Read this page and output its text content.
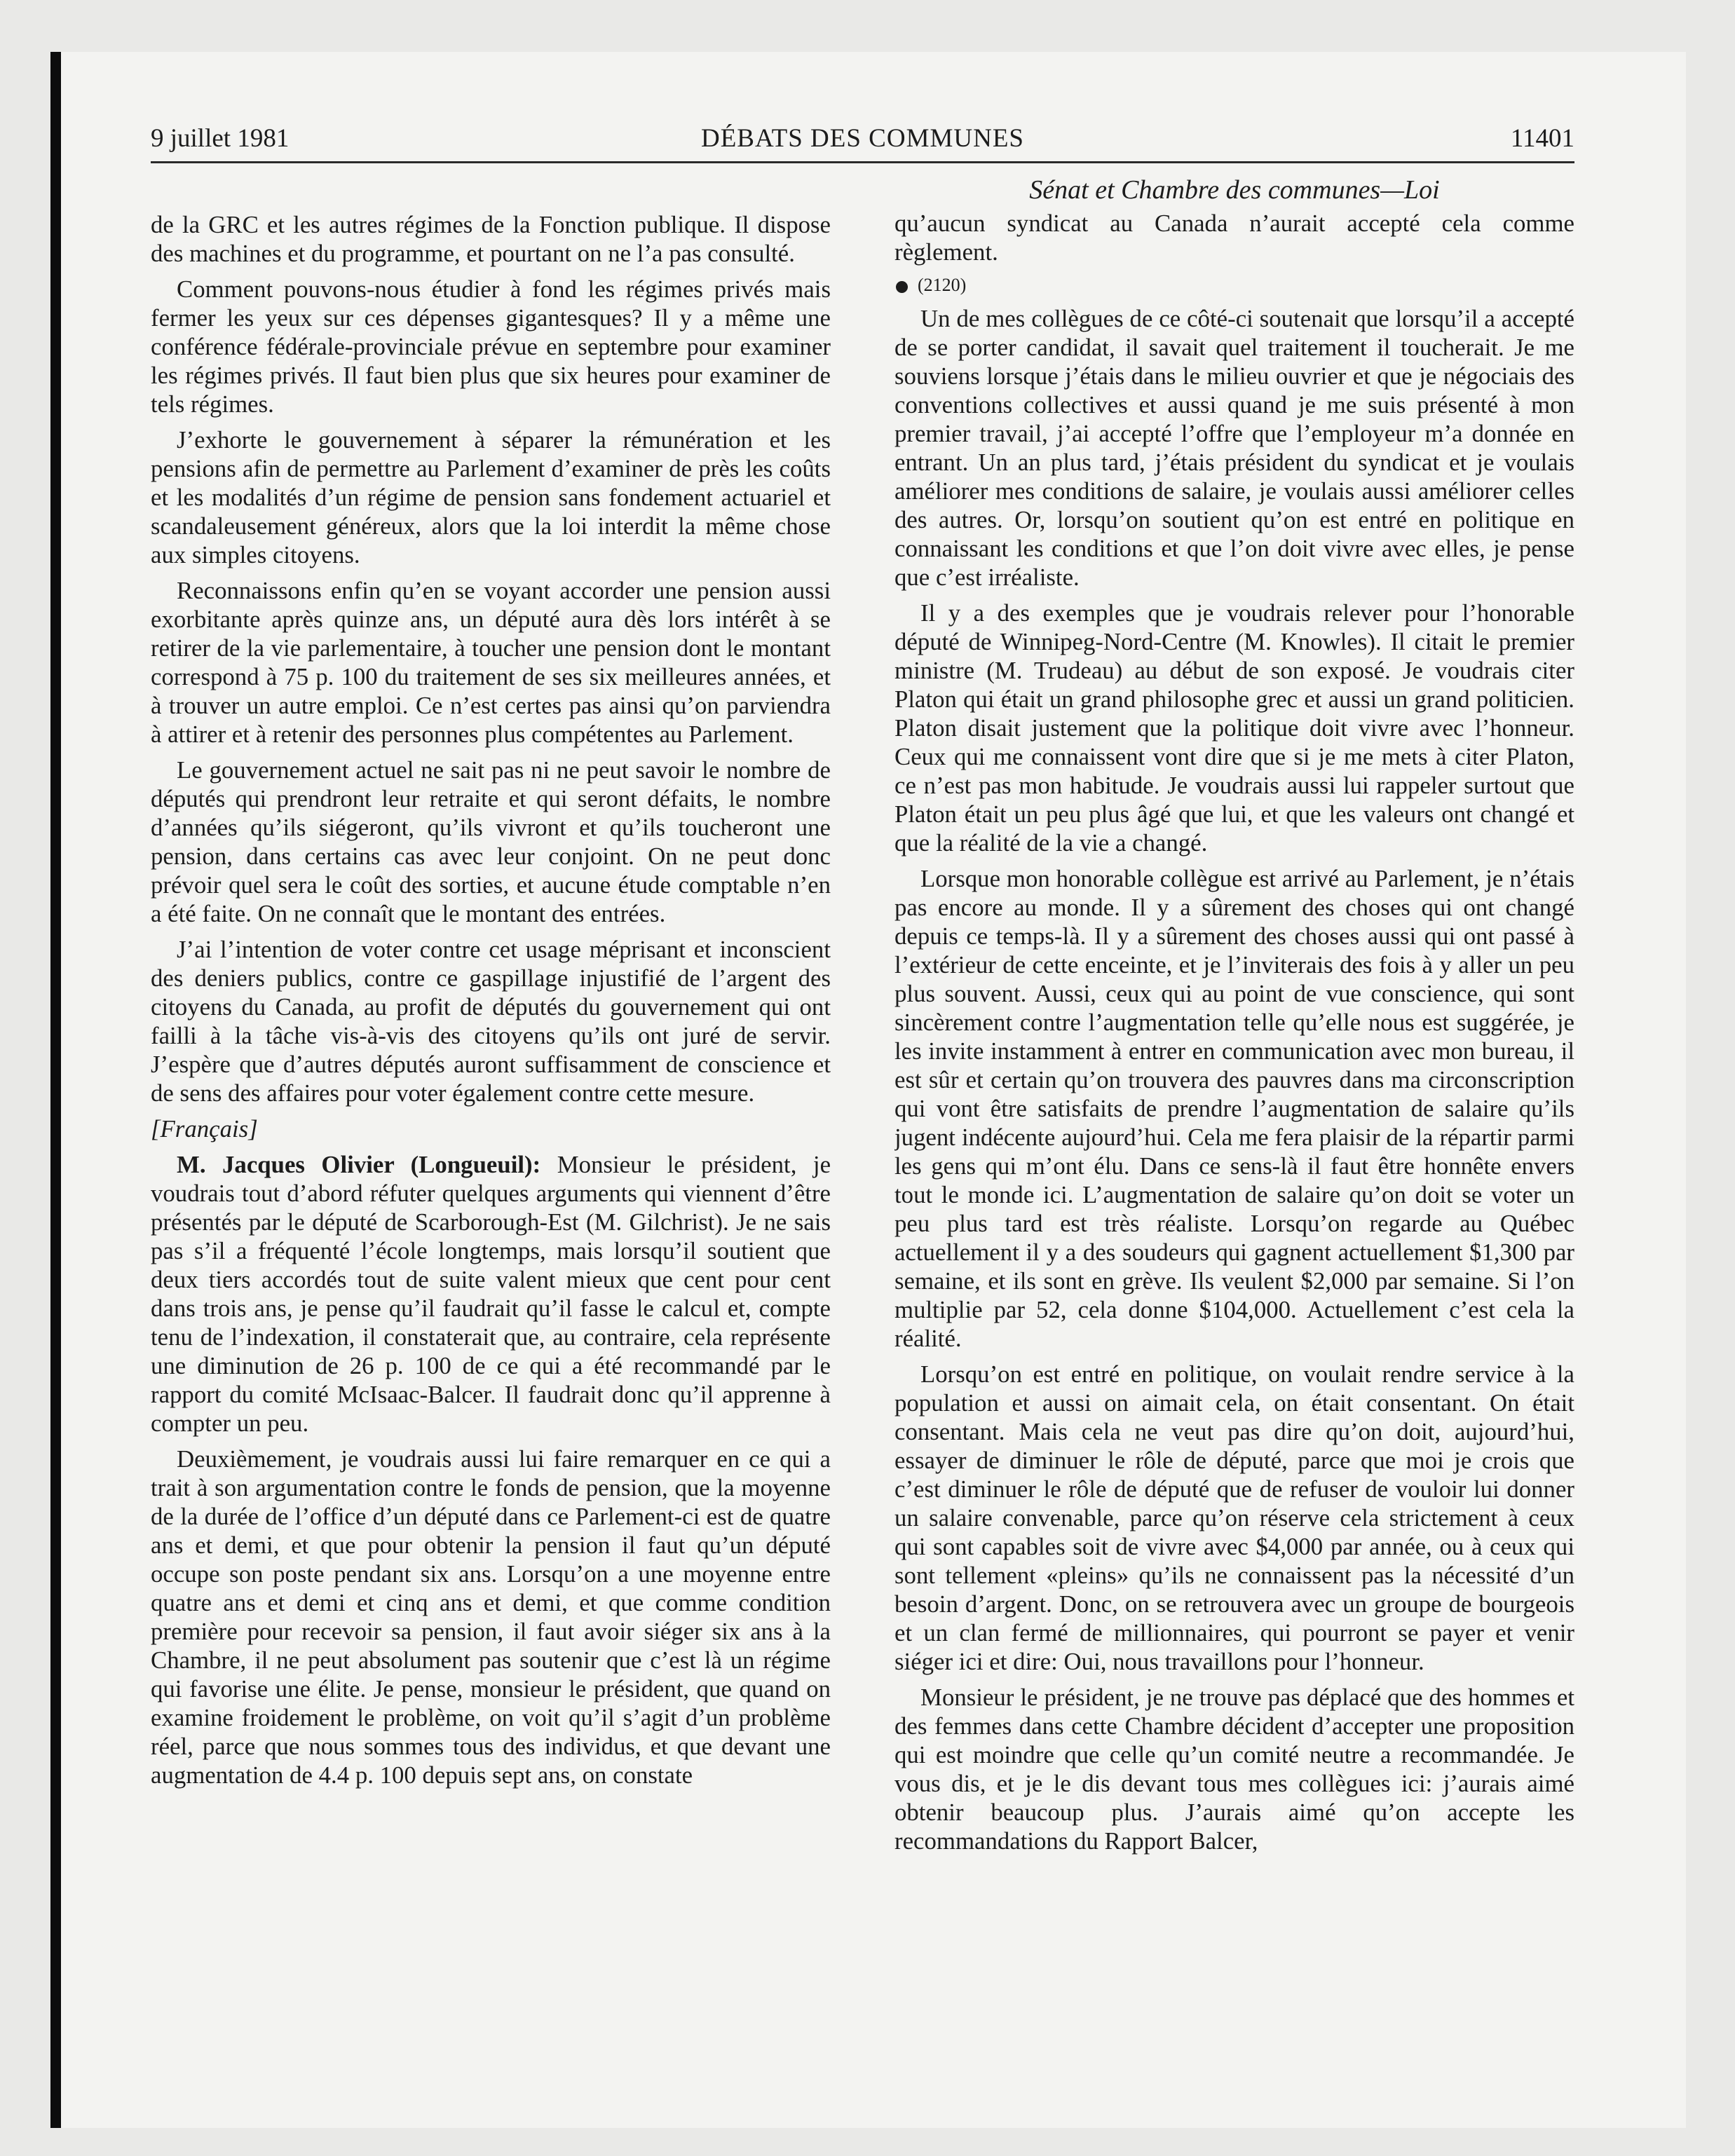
9 juillet 1981	DÉBATS DES COMMUNES	11401
Sénat et Chambre des communes—Loi

de la GRC et les autres régimes de la Fonction publique. Il dispose des machines et du programme, et pourtant on ne l’a pas consulté.

Comment pouvons-nous étudier à fond les régimes privés mais fermer les yeux sur ces dépenses gigantesques? Il y a même une conférence fédérale-provinciale prévue en septembre pour examiner les régimes privés. Il faut bien plus que six heures pour examiner de tels régimes.

J’exhorte le gouvernement à séparer la rémunération et les pensions afin de permettre au Parlement d’examiner de près les coûts et les modalités d’un régime de pension sans fondement actuariel et scandaleusement généreux, alors que la loi interdit la même chose aux simples citoyens.

Reconnaissons enfin qu’en se voyant accorder une pension aussi exorbitante après quinze ans, un député aura dès lors intérêt à se retirer de la vie parlementaire, à toucher une pension dont le montant correspond à 75 p. 100 du traitement de ses six meilleures années, et à trouver un autre emploi. Ce n’est certes pas ainsi qu’on parviendra à attirer et à retenir des personnes plus compétentes au Parlement.

Le gouvernement actuel ne sait pas ni ne peut savoir le nombre de députés qui prendront leur retraite et qui seront défaits, le nombre d’années qu’ils siégeront, qu’ils vivront et qu’ils toucheront une pension, dans certains cas avec leur conjoint. On ne peut donc prévoir quel sera le coût des sorties, et aucune étude comptable n’en a été faite. On ne connaît que le montant des entrées.

J’ai l’intention de voter contre cet usage méprisant et inconscient des deniers publics, contre ce gaspillage injustifié de l’argent des citoyens du Canada, au profit de députés du gouvernement qui ont failli à la tâche vis-à-vis des citoyens qu’ils ont juré de servir. J’espère que d’autres députés auront suffisamment de conscience et de sens des affaires pour voter également contre cette mesure.

[Français]

M. Jacques Olivier (Longueuil): Monsieur le président, je voudrais tout d’abord réfuter quelques arguments qui viennent d’être présentés par le député de Scarborough-Est (M. Gilchrist). Je ne sais pas s’il a fréquenté l’école longtemps, mais lorsqu’il soutient que deux tiers accordés tout de suite valent mieux que cent pour cent dans trois ans, je pense qu’il faudrait qu’il fasse le calcul et, compte tenu de l’indexation, il constaterait que, au contraire, cela représente une diminution de 26 p. 100 de ce qui a été recommandé par le rapport du comité McIsaac-Balcer. Il faudrait donc qu’il apprenne à compter un peu.

Deuxièmement, je voudrais aussi lui faire remarquer en ce qui a trait à son argumentation contre le fonds de pension, que la moyenne de la durée de l’office d’un député dans ce Parlement-ci est de quatre ans et demi, et que pour obtenir la pension il faut qu’un député occupe son poste pendant six ans. Lorsqu’on a une moyenne entre quatre ans et demi et cinq ans et demi, et que comme condition première pour recevoir sa pension, il faut avoir siéger six ans à la Chambre, il ne peut absolument pas soutenir que c’est là un régime qui favorise une élite. Je pense, monsieur le président, que quand on examine froidement le problème, on voit qu’il s’agit d’un problème réel, parce que nous sommes tous des individus, et que devant une augmentation de 4.4 p. 100 depuis sept ans, on constate

qu’aucun syndicat au Canada n’aurait accepté cela comme règlement.

(2120)

Un de mes collègues de ce côté-ci soutenait que lorsqu’il a accepté de se porter candidat, il savait quel traitement il toucherait. Je me souviens lorsque j’étais dans le milieu ouvrier et que je négociais des conventions collectives et aussi quand je me suis présenté à mon premier travail, j’ai accepté l’offre que l’employeur m’a donnée en entrant. Un an plus tard, j’étais président du syndicat et je voulais améliorer mes conditions de salaire, je voulais aussi améliorer celles des autres. Or, lorsqu’on soutient qu’on est entré en politique en connaissant les conditions et que l’on doit vivre avec elles, je pense que c’est irréaliste.

Il y a des exemples que je voudrais relever pour l’honorable député de Winnipeg-Nord-Centre (M. Knowles). Il citait le premier ministre (M. Trudeau) au début de son exposé. Je voudrais citer Platon qui était un grand philosophe grec et aussi un grand politicien. Platon disait justement que la politique doit vivre avec l’honneur. Ceux qui me connaissent vont dire que si je me mets à citer Platon, ce n’est pas mon habitude. Je voudrais aussi lui rappeler surtout que Platon était un peu plus âgé que lui, et que les valeurs ont changé et que la réalité de la vie a changé.

Lorsque mon honorable collègue est arrivé au Parlement, je n’étais pas encore au monde. Il y a sûrement des choses qui ont changé depuis ce temps-là. Il y a sûrement des choses aussi qui ont passé à l’extérieur de cette enceinte, et je l’inviterais des fois à y aller un peu plus souvent. Aussi, ceux qui au point de vue conscience, qui sont sincèrement contre l’augmentation telle qu’elle nous est suggérée, je les invite instamment à entrer en communication avec mon bureau, il est sûr et certain qu’on trouvera des pauvres dans ma circonscription qui vont être satisfaits de prendre l’augmentation de salaire qu’ils jugent indécente aujourd’hui. Cela me fera plaisir de la répartir parmi les gens qui m’ont élu. Dans ce sens-là il faut être honnête envers tout le monde ici. L’augmentation de salaire qu’on doit se voter un peu plus tard est très réaliste. Lorsqu’on regarde au Québec actuellement il y a des soudeurs qui gagnent actuellement $1,300 par semaine, et ils sont en grève. Ils veulent $2,000 par semaine. Si l’on multiplie par 52, cela donne $104,000. Actuellement c’est cela la réalité.

Lorsqu’on est entré en politique, on voulait rendre service à la population et aussi on aimait cela, on était consentant. On était consentant. Mais cela ne veut pas dire qu’on doit, aujourd’hui, essayer de diminuer le rôle de député, parce que moi je crois que c’est diminuer le rôle de député que de refuser de vouloir lui donner un salaire convenable, parce qu’on réserve cela strictement à ceux qui sont capables soit de vivre avec $4,000 par année, ou à ceux qui sont tellement «pleins» qu’ils ne connaissent pas la nécessité d’un besoin d’argent. Donc, on se retrouvera avec un groupe de bourgeois et un clan fermé de millionnaires, qui pourront se payer et venir siéger ici et dire: Oui, nous travaillons pour l’honneur.

Monsieur le président, je ne trouve pas déplacé que des hommes et des femmes dans cette Chambre décident d’accepter une proposition qui est moindre que celle qu’un comité neutre a recommandée. Je vous dis, et je le dis devant tous mes collègues ici: j’aurais aimé obtenir beaucoup plus. J’aurais aimé qu’on accepte les recommandations du Rapport Balcer,
